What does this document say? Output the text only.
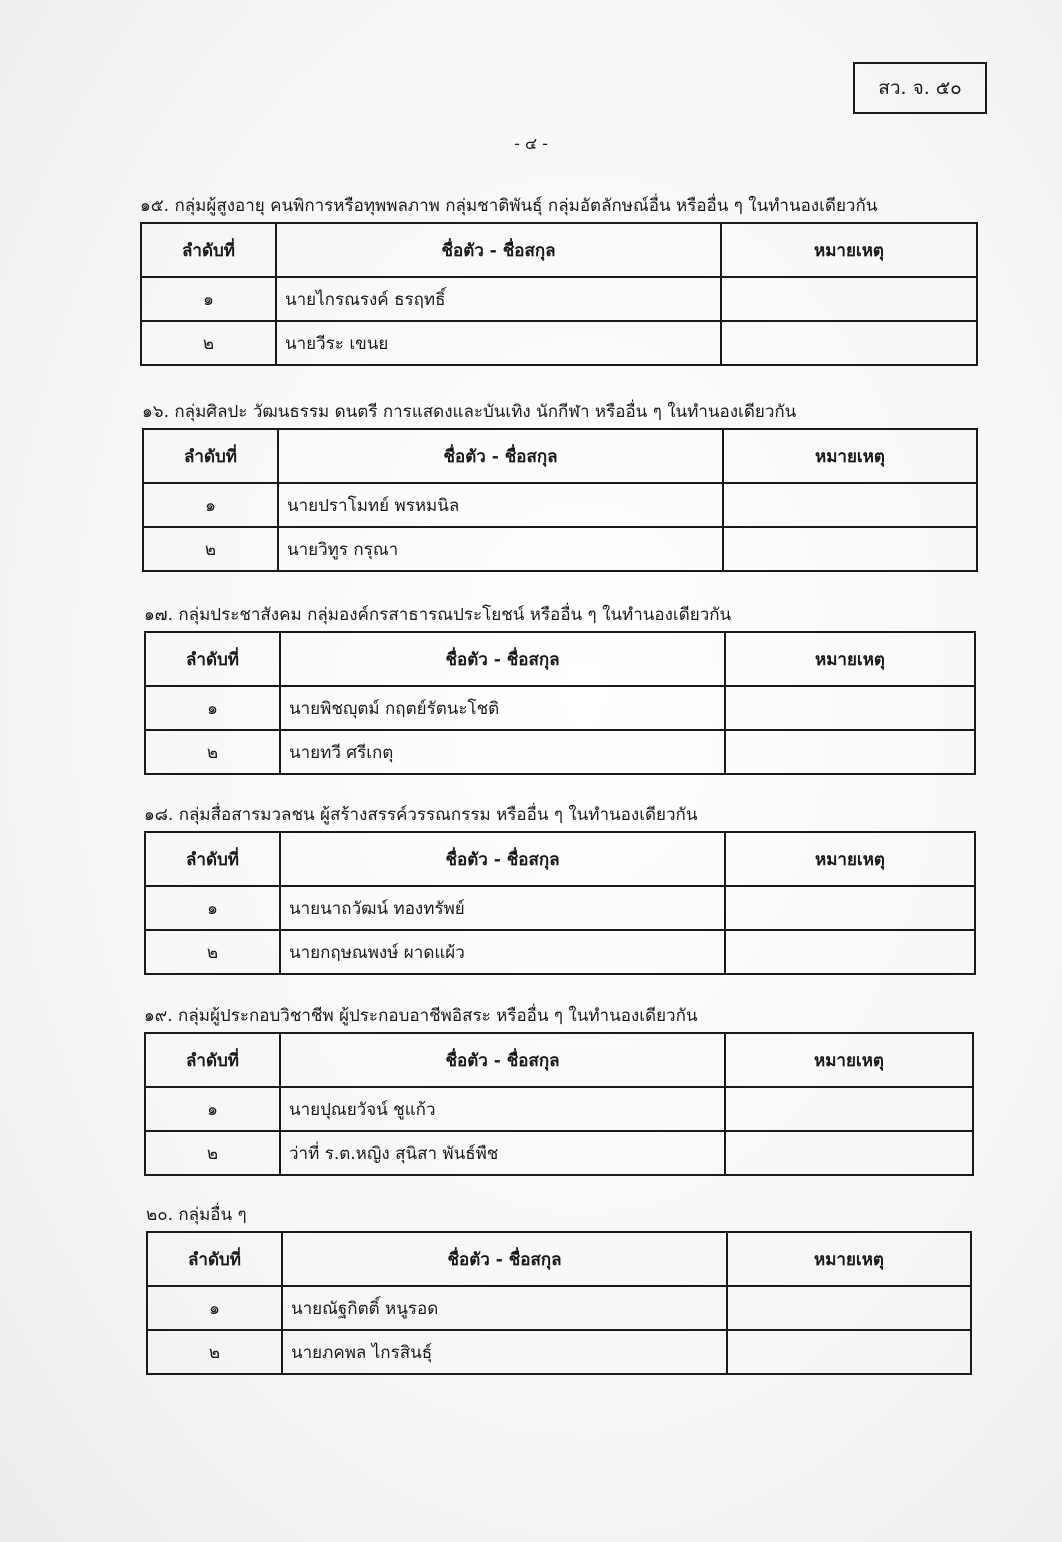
สว. จ. ๕๐
- ๔ -
๑๕. กลุ่มผู้สูงอายุ คนพิการหรือทุพพลภาพ กลุ่มชาติพันธุ์ กลุ่มอัตลักษณ์อื่น หรืออื่น ๆ ในทำนองเดียวกัน
ลำดับที่	ชื่อตัว - ชื่อสกุล	หมายเหตุ
๑	นายไกรณรงค์ ธรฤทธิ์	
๒	นายวีระ เขนย	
๑๖. กลุ่มศิลปะ วัฒนธรรม ดนตรี การแสดงและบันเทิง นักกีฬา หรืออื่น ๆ ในทำนองเดียวกัน
ลำดับที่	ชื่อตัว - ชื่อสกุล	หมายเหตุ
๑	นายปราโมทย์ พรหมนิล	
๒	นายวิทูร กรุณา	
๑๗. กลุ่มประชาสังคม กลุ่มองค์กรสาธารณประโยชน์ หรืออื่น ๆ ในทำนองเดียวกัน
ลำดับที่	ชื่อตัว - ชื่อสกุล	หมายเหตุ
๑	นายพิชญุตม์ กฤตย์รัตนะโชติ	
๒	นายทวี ศรีเกตุ	
๑๘. กลุ่มสื่อสารมวลชน ผู้สร้างสรรค์วรรณกรรม หรืออื่น ๆ ในทำนองเดียวกัน
ลำดับที่	ชื่อตัว - ชื่อสกุล	หมายเหตุ
๑	นายนาถวัฒน์ ทองทรัพย์	
๒	นายกฤษณพงษ์ ผาดแผ้ว	
๑๙. กลุ่มผู้ประกอบวิชาชีพ ผู้ประกอบอาชีพอิสระ หรืออื่น ๆ ในทำนองเดียวกัน
ลำดับที่	ชื่อตัว - ชื่อสกุล	หมายเหตุ
๑	นายปุณยวัจน์ ชูแก้ว	
๒	ว่าที่ ร.ต.หญิง สุนิสา พันธ์พืช	
๒๐. กลุ่มอื่น ๆ
ลำดับที่	ชื่อตัว - ชื่อสกุล	หมายเหตุ
๑	นายณัฐกิตติ์ หนูรอด	
๒	นายภคพล ไกรสินธุ์	
